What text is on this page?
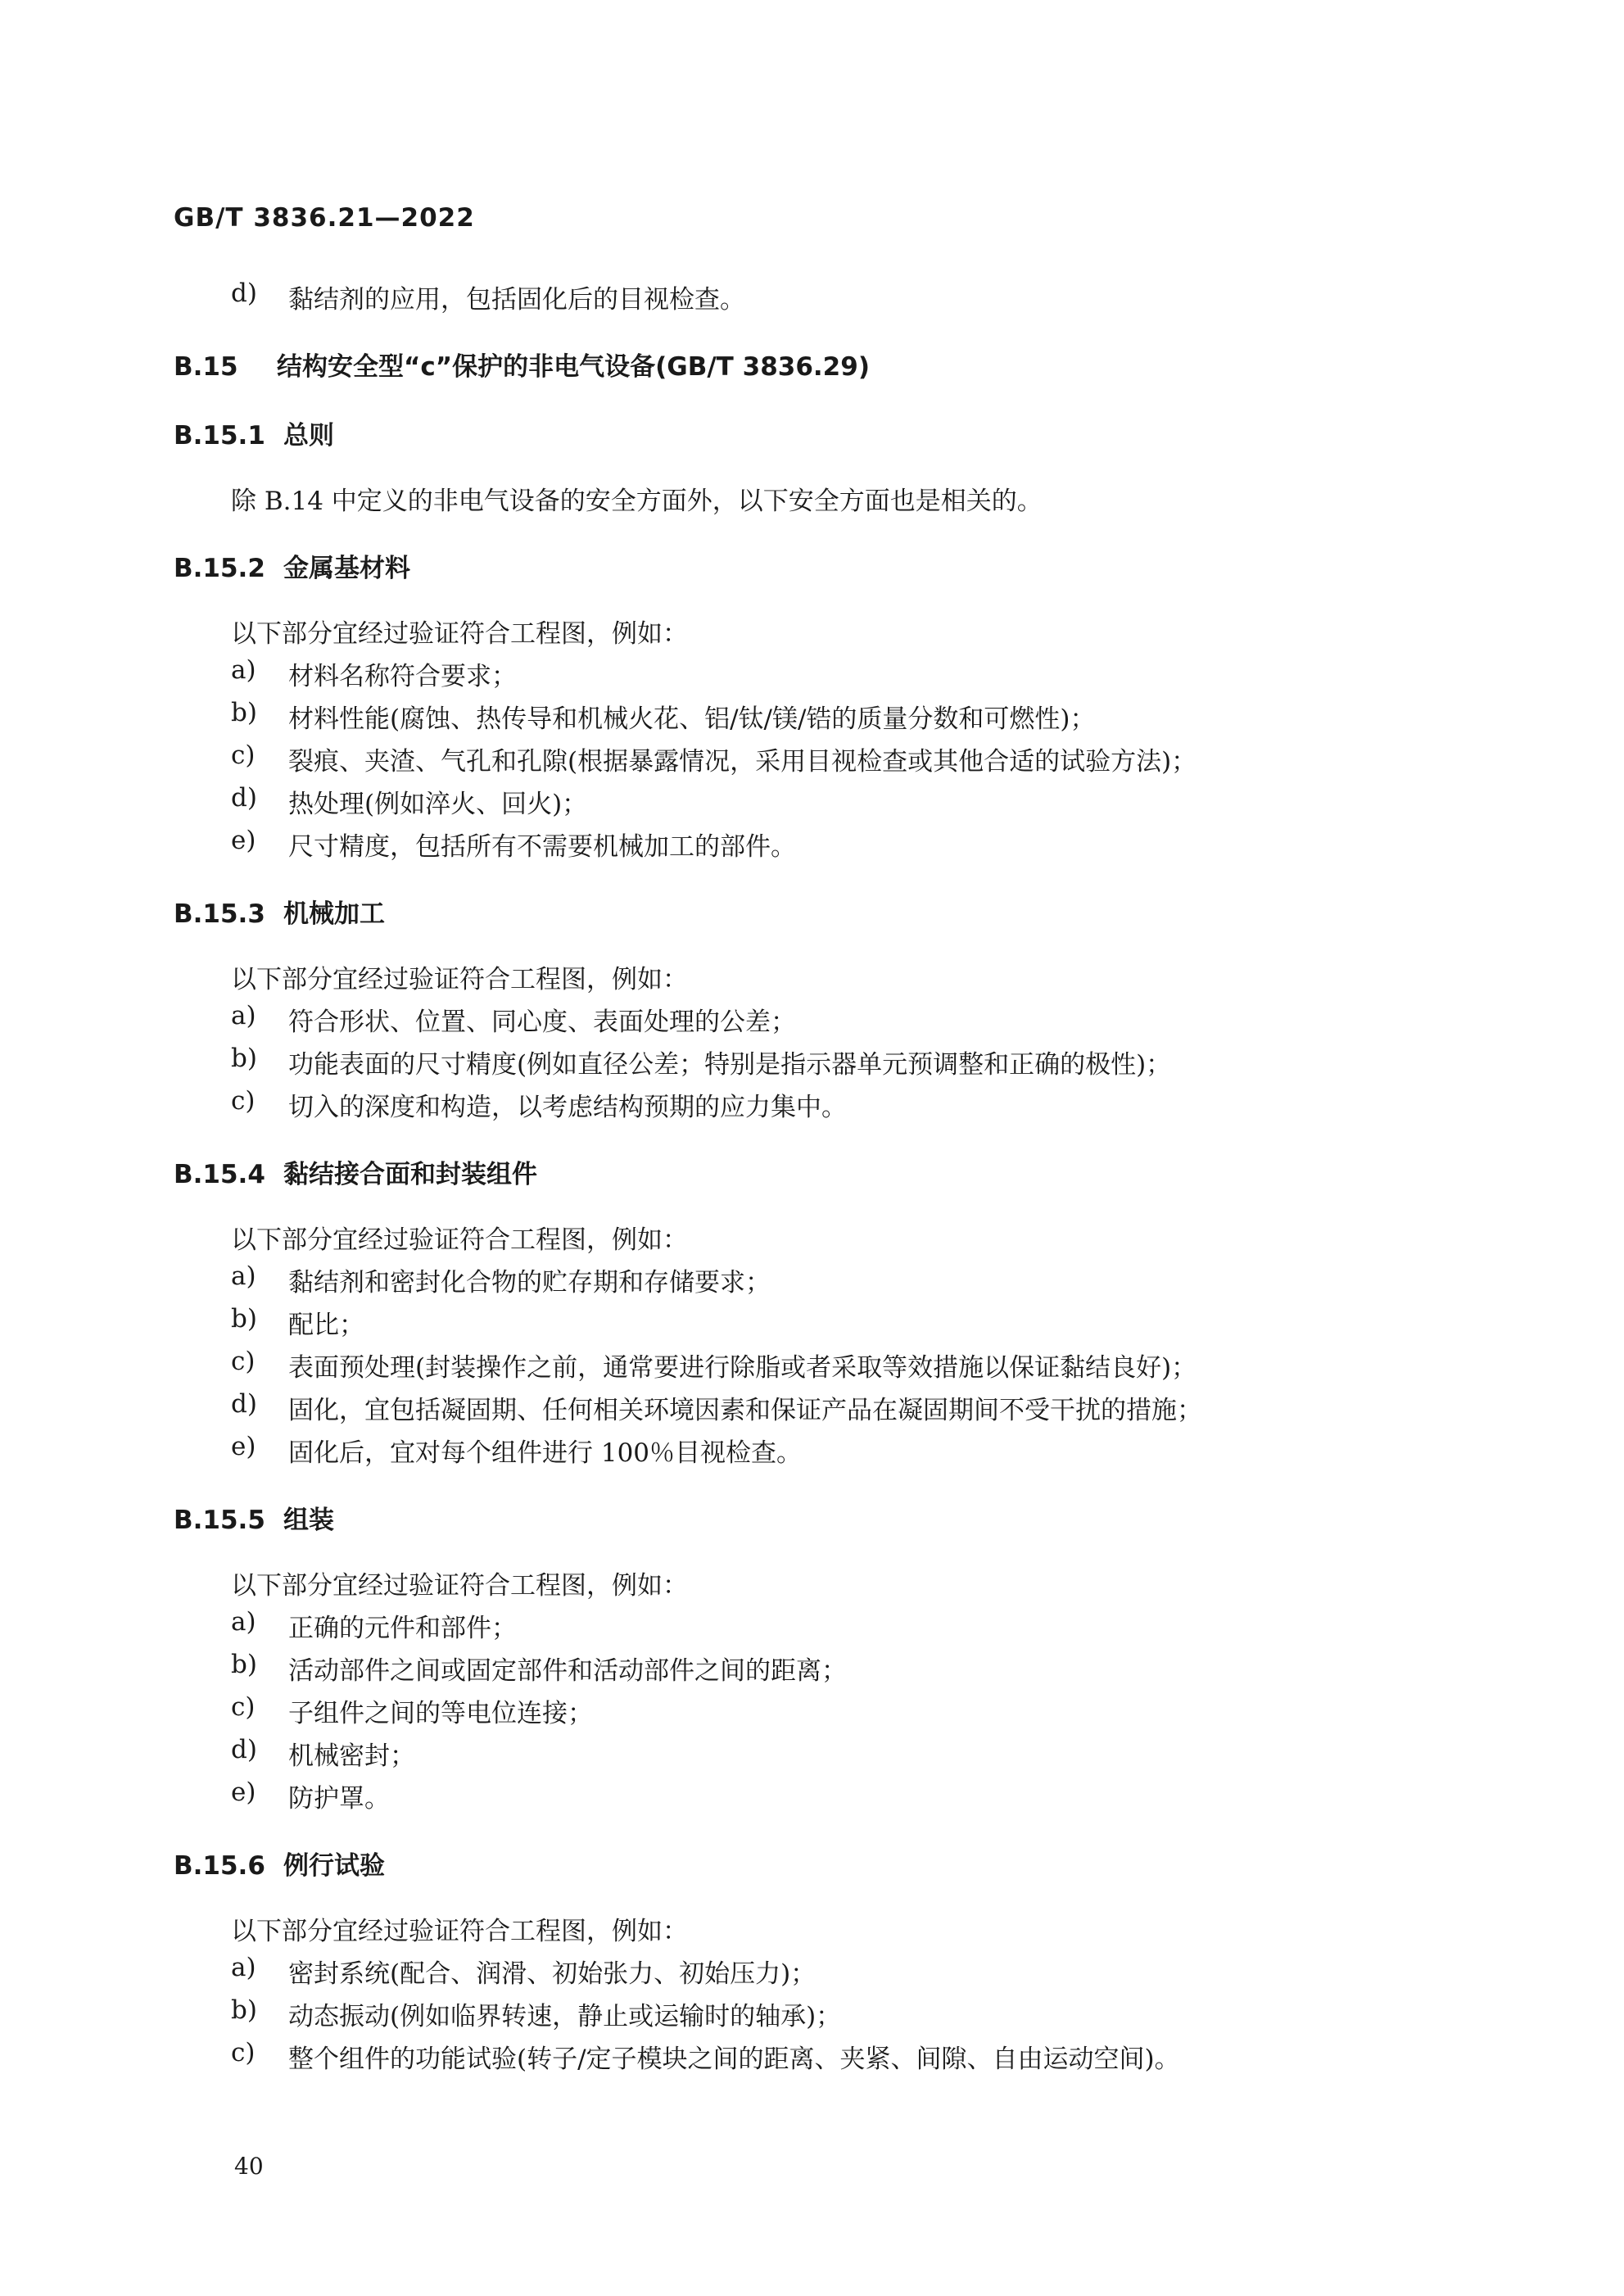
GB/T 3836.21—2022
d) 黏结剂的应用，包括固化后的目视检查。
B.15 结构安全型“c”保护的非电气设备(GB/T 3836.29)
B.15.1 总则
除 B.14 中定义的非电气设备的安全方面外，以下安全方面也是相关的。
B.15.2 金属基材料
以下部分宜经过验证符合工程图，例如：
a) 材料名称符合要求；
b) 材料性能(腐蚀、热传导和机械火花、铝/钛/镁/锆的质量分数和可燃性)；
c) 裂痕、夹渣、气孔和孔隙(根据暴露情况，采用目视检查或其他合适的试验方法)；
d) 热处理(例如淬火、回火)；
e) 尺寸精度，包括所有不需要机械加工的部件。
B.15.3 机械加工
以下部分宜经过验证符合工程图，例如：
a) 符合形状、位置、同心度、表面处理的公差；
b) 功能表面的尺寸精度(例如直径公差；特别是指示器单元预调整和正确的极性)；
c) 切入的深度和构造，以考虑结构预期的应力集中。
B.15.4 黏结接合面和封装组件
以下部分宜经过验证符合工程图，例如：
a) 黏结剂和密封化合物的贮存期和存储要求；
b) 配比；
c) 表面预处理(封装操作之前，通常要进行除脂或者采取等效措施以保证黏结良好)；
d) 固化，宜包括凝固期、任何相关环境因素和保证产品在凝固期间不受干扰的措施；
e) 固化后，宜对每个组件进行 100％目视检查。
B.15.5 组装
以下部分宜经过验证符合工程图，例如：
a) 正确的元件和部件；
b) 活动部件之间或固定部件和活动部件之间的距离；
c) 子组件之间的等电位连接；
d) 机械密封；
e) 防护罩。
B.15.6 例行试验
以下部分宜经过验证符合工程图，例如：
a) 密封系统(配合、润滑、初始张力、初始压力)；
b) 动态振动(例如临界转速，静止或运输时的轴承)；
c) 整个组件的功能试验(转子/定子模块之间的距离、夹紧、间隙、自由运动空间)。
40
